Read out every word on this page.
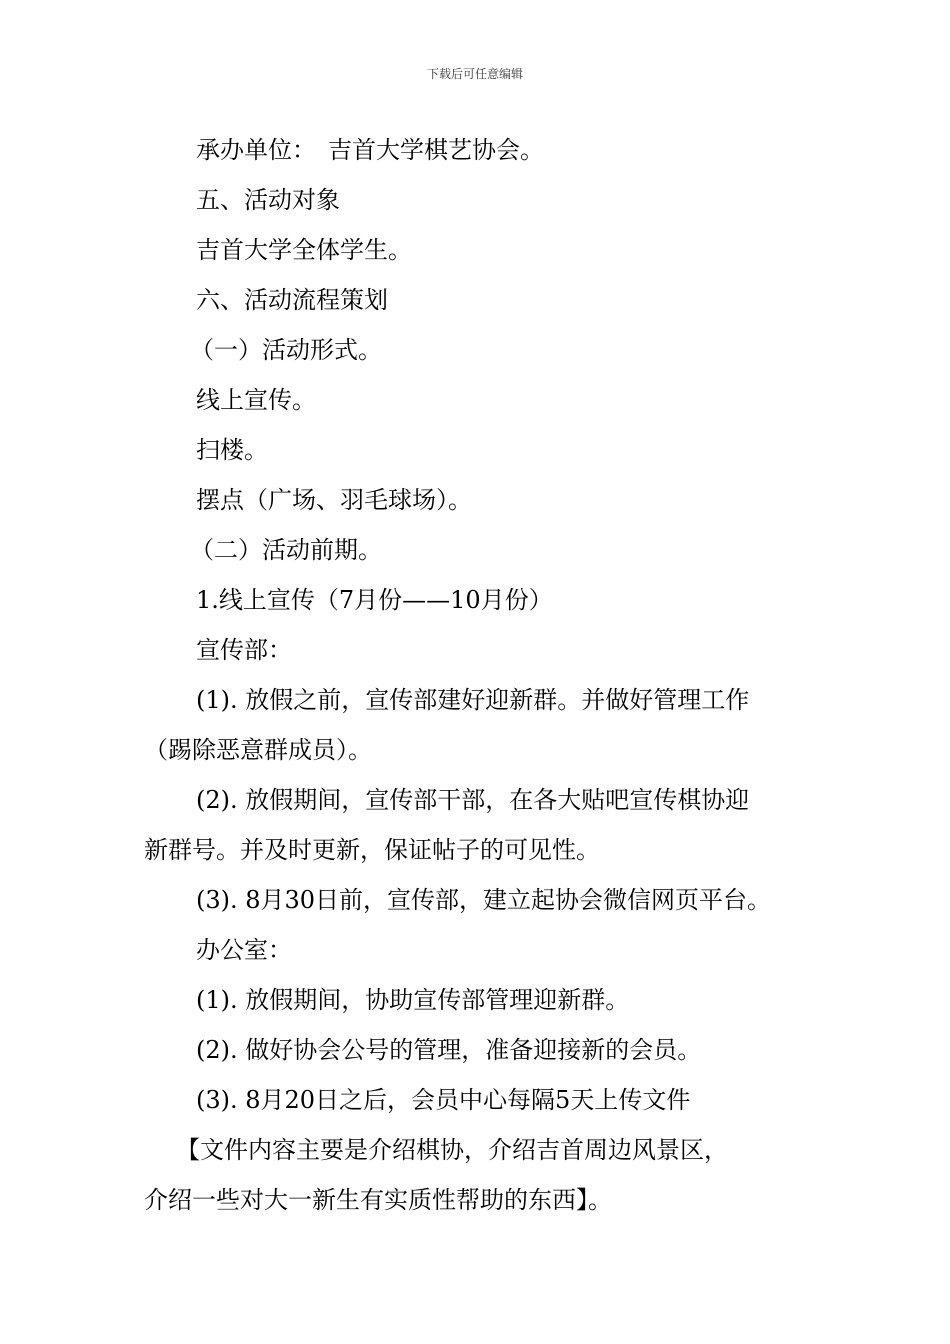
下载后可任意编辑
承办单位：　吉首大学棋艺协会。
五、活动对象
吉首大学全体学生。
六、活动流程策划
（一）活动形式。
线上宣传。
扫楼。
摆点（广场、羽毛球场）。
（二）活动前期。
1.线上宣传（7月份——10月份）
宣传部：
(1). 放假之前，宣传部建好迎新群。并做好管理工作
（踢除恶意群成员）。
(2). 放假期间，宣传部干部，在各大贴吧宣传棋协迎
新群号。并及时更新，保证帖子的可见性。
(3). 8月30日前，宣传部，建立起协会微信网页平台。
办公室：
(1). 放假期间，协助宣传部管理迎新群。
(2). 做好协会公号的管理，准备迎接新的会员。
(3). 8月20日之后，会员中心每隔5天上传文件
【文件内容主要是介绍棋协，介绍吉首周边风景区，
介绍一些对大一新生有实质性帮助的东西】。
